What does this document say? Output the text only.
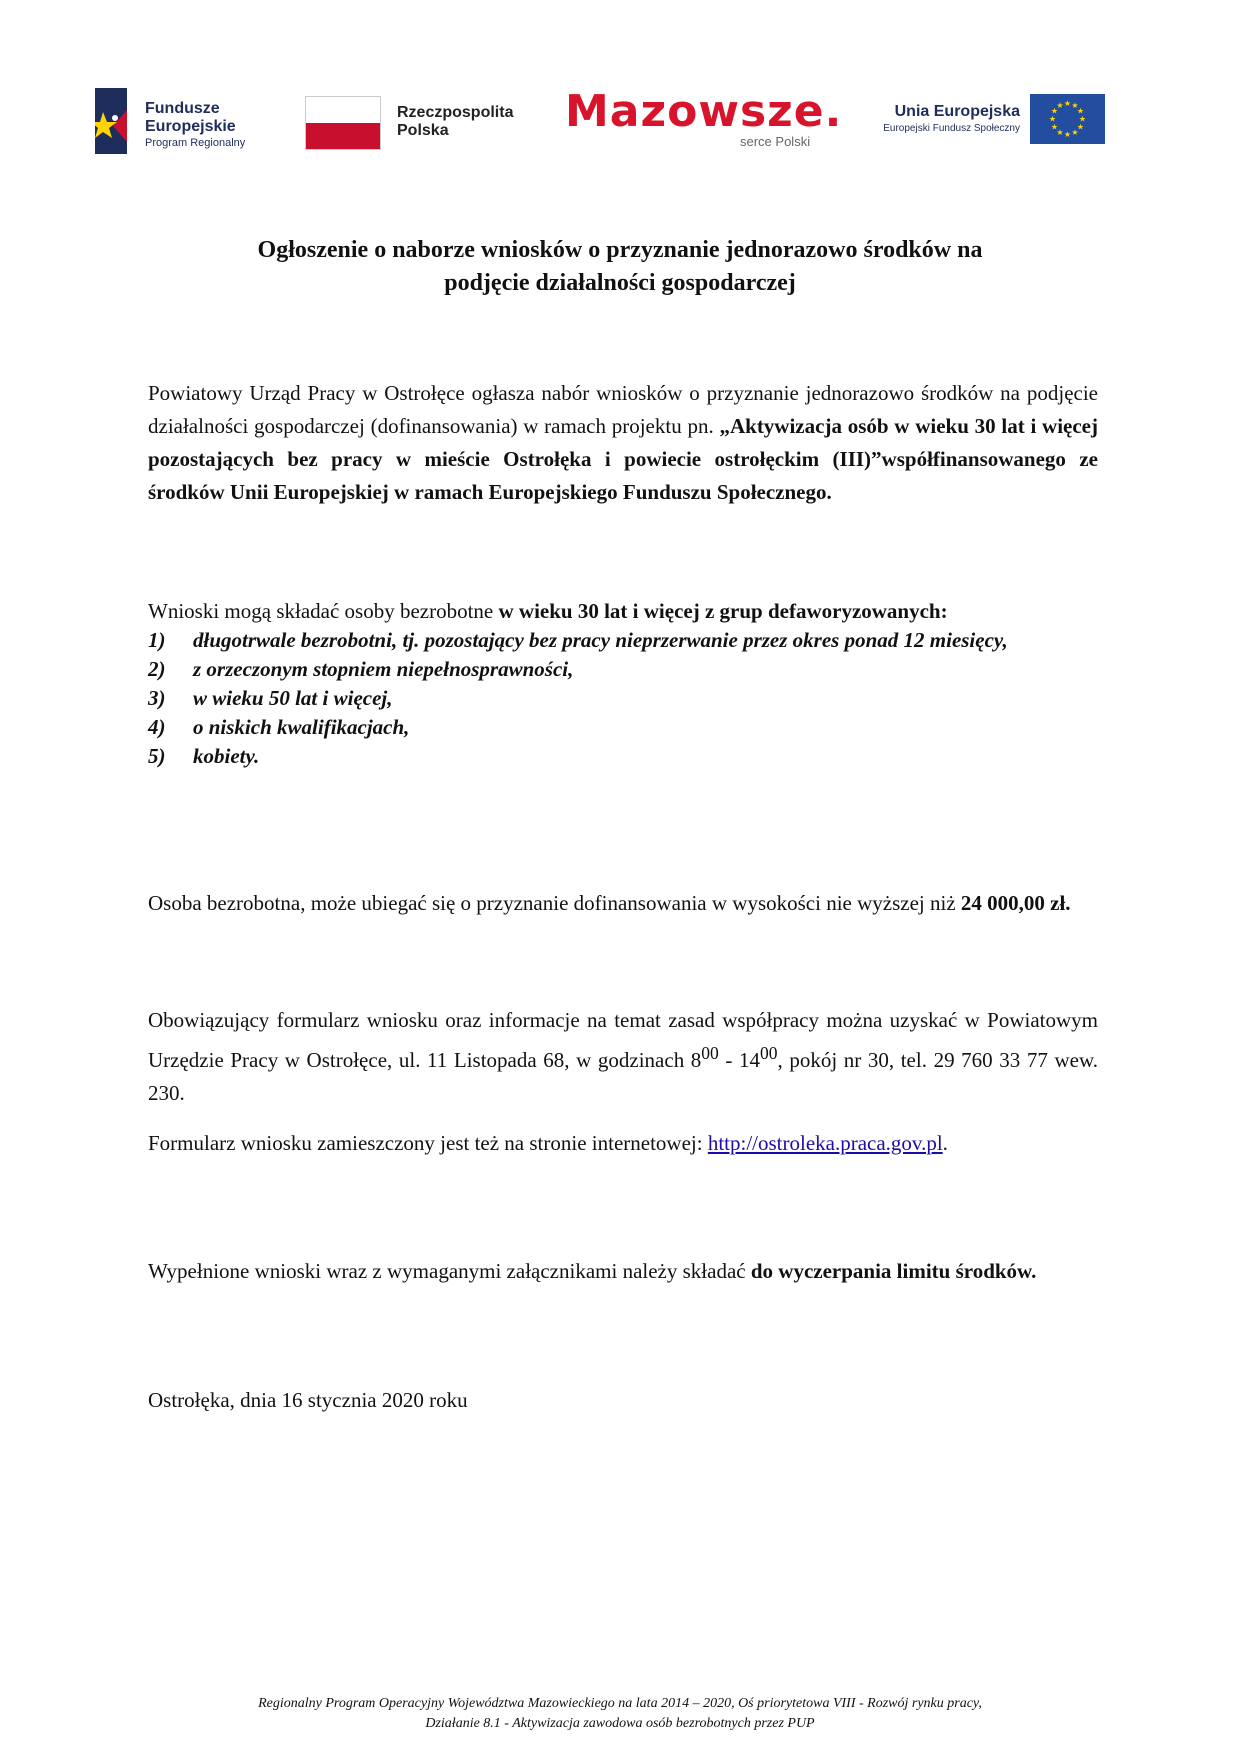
Fundusze
Europejskie
Program Regionalny
Rzeczpospolita
Polska	Mazowsze.
serce Polski
Unia Europejska
Europejski Fundusz Społeczny
★ ★
★
★
★
★
★
★
★
★
★
★
Ogłoszenie o naborze wniosków o przyznanie jednorazowo środków na
podjęcie działalności gospodarczej

Powiatowy Urząd Pracy w Ostrołęce ogłasza nabór wniosków o przyznanie jednorazowo środków na podjęcie działalności gospodarczej (dofinansowania) w ramach projektu pn. „Aktywizacja osób w wieku 30 lat i więcej pozostających bez pracy w mieście Ostrołęka i powiecie ostrołęckim (III)”współfinansowanego ze środków Unii Europejskiej w ramach Europejskiego Funduszu Społecznego.

Wnioski mogą składać osoby bezrobotne w wieku 30 lat i więcej z grup defaworyzowanych:

1) długotrwale bezrobotni, tj. pozostający bez pracy nieprzerwanie przez okres ponad 12 miesięcy,
2) z orzeczonym stopniem niepełnosprawności,
3) w wieku 50 lat i więcej,
4) o niskich kwalifikacjach,
5) kobiety.

Osoba bezrobotna, może ubiegać się o przyznanie dofinansowania w wysokości nie wyższej niż 24 000,00 zł.

Obowiązujący formularz wniosku oraz informacje na temat zasad współpracy można uzyskać w Powiatowym Urzędzie Pracy w Ostrołęce, ul. 11 Listopada 68, w godzinach $8^{00} - 14^{00}$, pokój nr 30, tel. 29 760 33 77 wew. 230.

Formularz wniosku zamieszczony jest też na stronie internetowej: http://ostroleka.praca.gov.pl.

Wypełnione wnioski wraz z wymaganymi załącznikami należy składać do wyczerpania limitu środków.

Ostrołęka, dnia 16 stycznia 2020 roku

Regionalny Program Operacyjny Województwa Mazowieckiego na lata 2014 – 2020, Oś priorytetowa VIII - Rozwój rynku pracy,
Działanie 8.1 - Aktywizacja zawodowa osób bezrobotnych przez PUP
